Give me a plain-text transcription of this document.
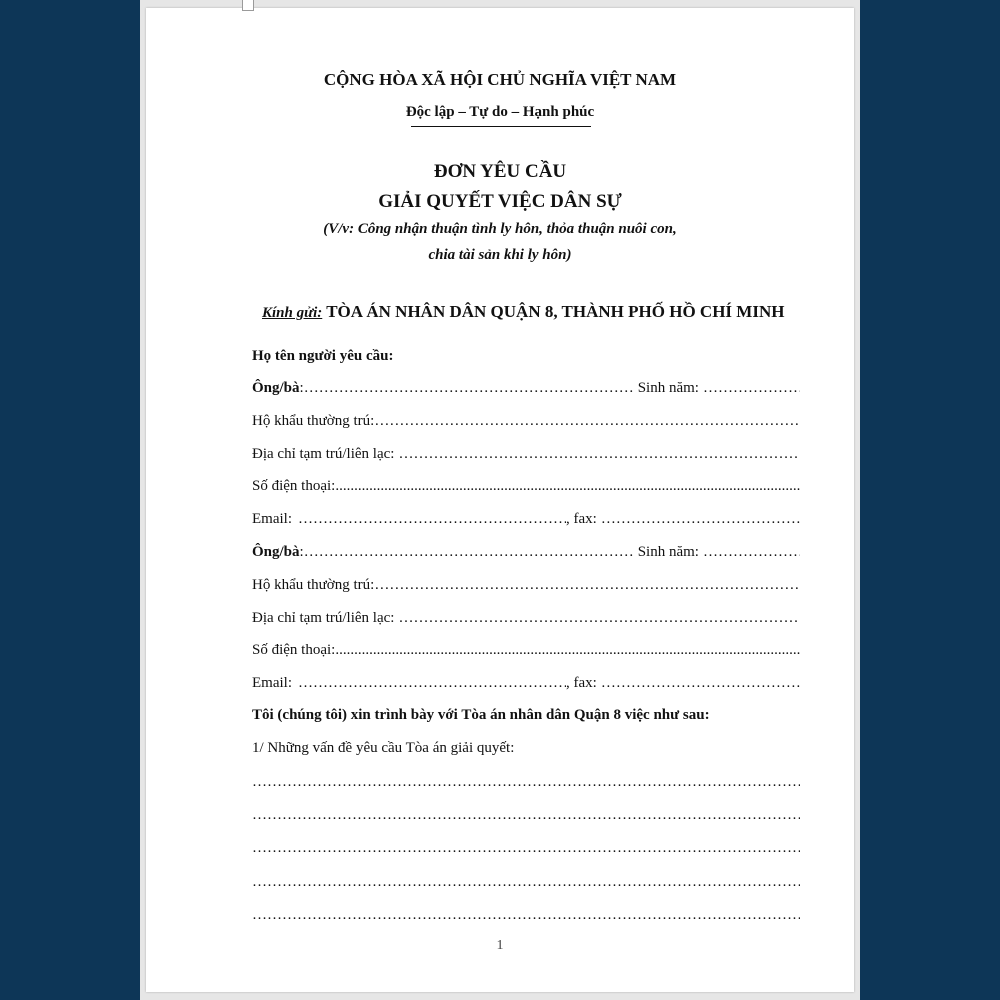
CỘNG HÒA XÃ HỘI CHỦ NGHĨA VIỆT NAM
Độc lập – Tự do – Hạnh phúc
ĐƠN YÊU CẦU
GIẢI QUYẾT VIỆC DÂN SỰ
(V/v: Công nhận thuận tình ly hôn, thỏa thuận nuôi con,
chia tài sản khi ly hôn)
Kính gửi: TÒA ÁN NHÂN DÂN QUẬN 8, THÀNH PHỐ HỒ CHÍ MINH
Họ tên người yêu cầu:
Ông/bà : ……………………………………………………………………………………………………………………………………………………	Sinh năm:
……………………………………………………………………………………………………………………………………………………
Hộ khẩu thường trú:
……………………………………………………………………………………………………………………………………………………
Địa chỉ tạm trú/liên lạc:
……………………………………………………………………………………………………………………………………………………
Số điện thoại:
.....
Email: ……………………………………………………………………………………………………………………………………………………	, fax:
……………………………………………………………………………………………………………………………………………………
Ông/bà : ……………………………………………………………………………………………………………………………………………………	Sinh năm:
……………………………………………………………………………………………………………………………………………………
Hộ khẩu thường trú:
……………………………………………………………………………………………………………………………………………………
Địa chỉ tạm trú/liên lạc:
……………………………………………………………………………………………………………………………………………………
Số điện thoại:
.....
Email: ……………………………………………………………………………………………………………………………………………………	, fax:
……………………………………………………………………………………………………………………………………………………
Tôi (chúng tôi) xin trình bày với Tòa án nhân dân Quận 8 việc như sau:
1/ Những vấn đề yêu cầu Tòa án giải quyết:
……………………………………………………………………………………………………………………………………………………
……………………………………………………………………………………………………………………………………………………
……………………………………………………………………………………………………………………………………………………
……………………………………………………………………………………………………………………………………………………
……………………………………………………………………………………………………………………………………………………
1
